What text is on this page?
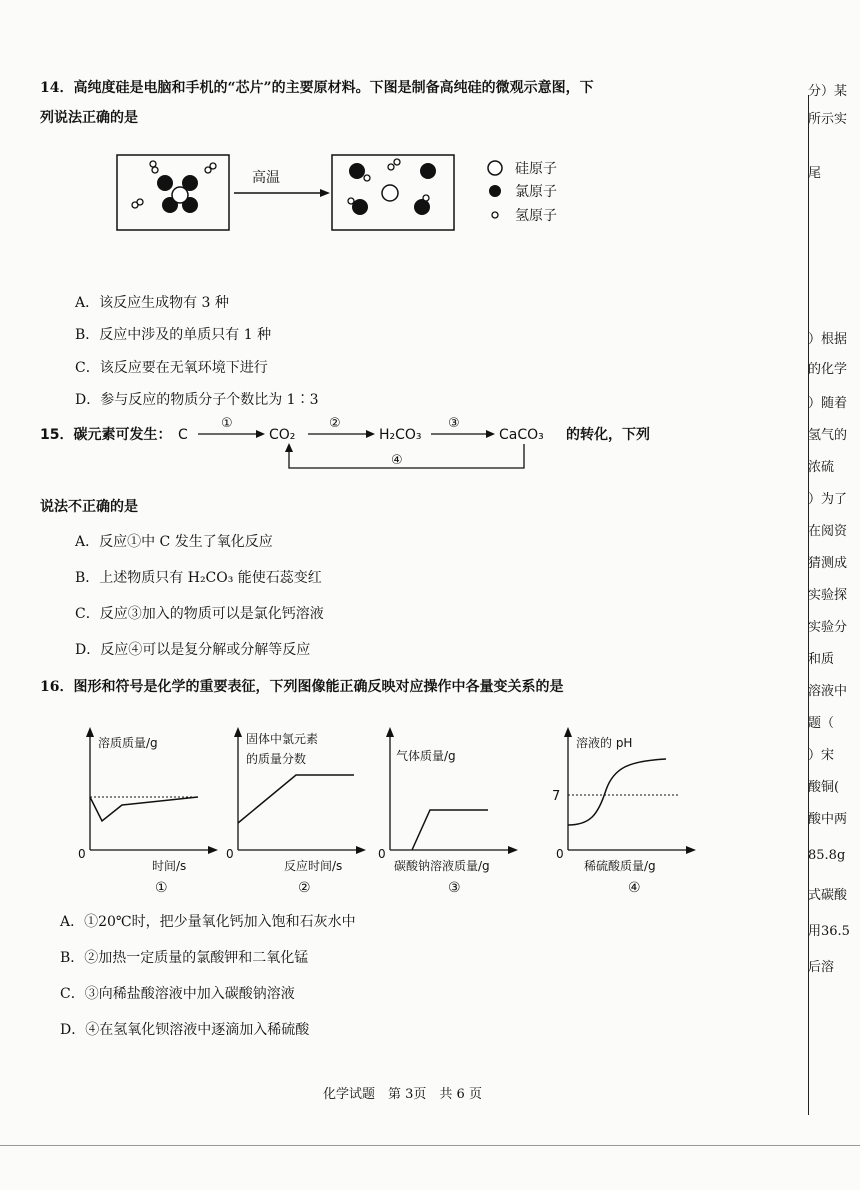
14．高纯度硅是电脑和手机的“芯片”的主要原材料。下图是制备高纯硅的微观示意图，下
列说法正确的是
高温
硅原子
氯原子
氢原子
A．该反应生成物有 3 种
B．反应中涉及的单质只有 1 种
C．该反应要在无氧环境下进行
D．参与反应的物质分子个数比为 1∶3
15．碳元素可发生： C
①
CO₂
②
H₂CO₃
③
CaCO₃ 的转化，下列
④
说法不正确的是
A．反应①中 C 发生了氧化反应
B．上述物质只有 H₂CO₃ 能使石蕊变红
C．反应③加入的物质可以是氯化钙溶液
D．反应④可以是复分解或分解等反应
16．图形和符号是化学的重要表征，下列图像能正确反映对应操作中各量变关系的是
溶质质量/g
0
时间/s
①
固体中氯元素
的质量分数
0
反应时间/s
②
气体质量/g
0
碳酸钠溶液质量/g
③
溶液的 pH
7
0
稀硫酸质量/g
④
A．①20℃时，把少量氧化钙加入饱和石灰水中
B．②加热一定质量的氯酸钾和二氧化锰
C．③向稀盐酸溶液中加入碳酸钠溶液
D．④在氢氧化钡溶液中逐滴加入稀硫酸
化学试题　第 3页　共 6 页
分）某
所示实
尾
）根据
的化学
）随着
氢气的
浓硫
）为了
在阅资
猜测成
实验探
实验分
和质
溶液中
题（
）宋
酸铜(
酸中两
85.8g
式碳酸
用36.5
后溶
